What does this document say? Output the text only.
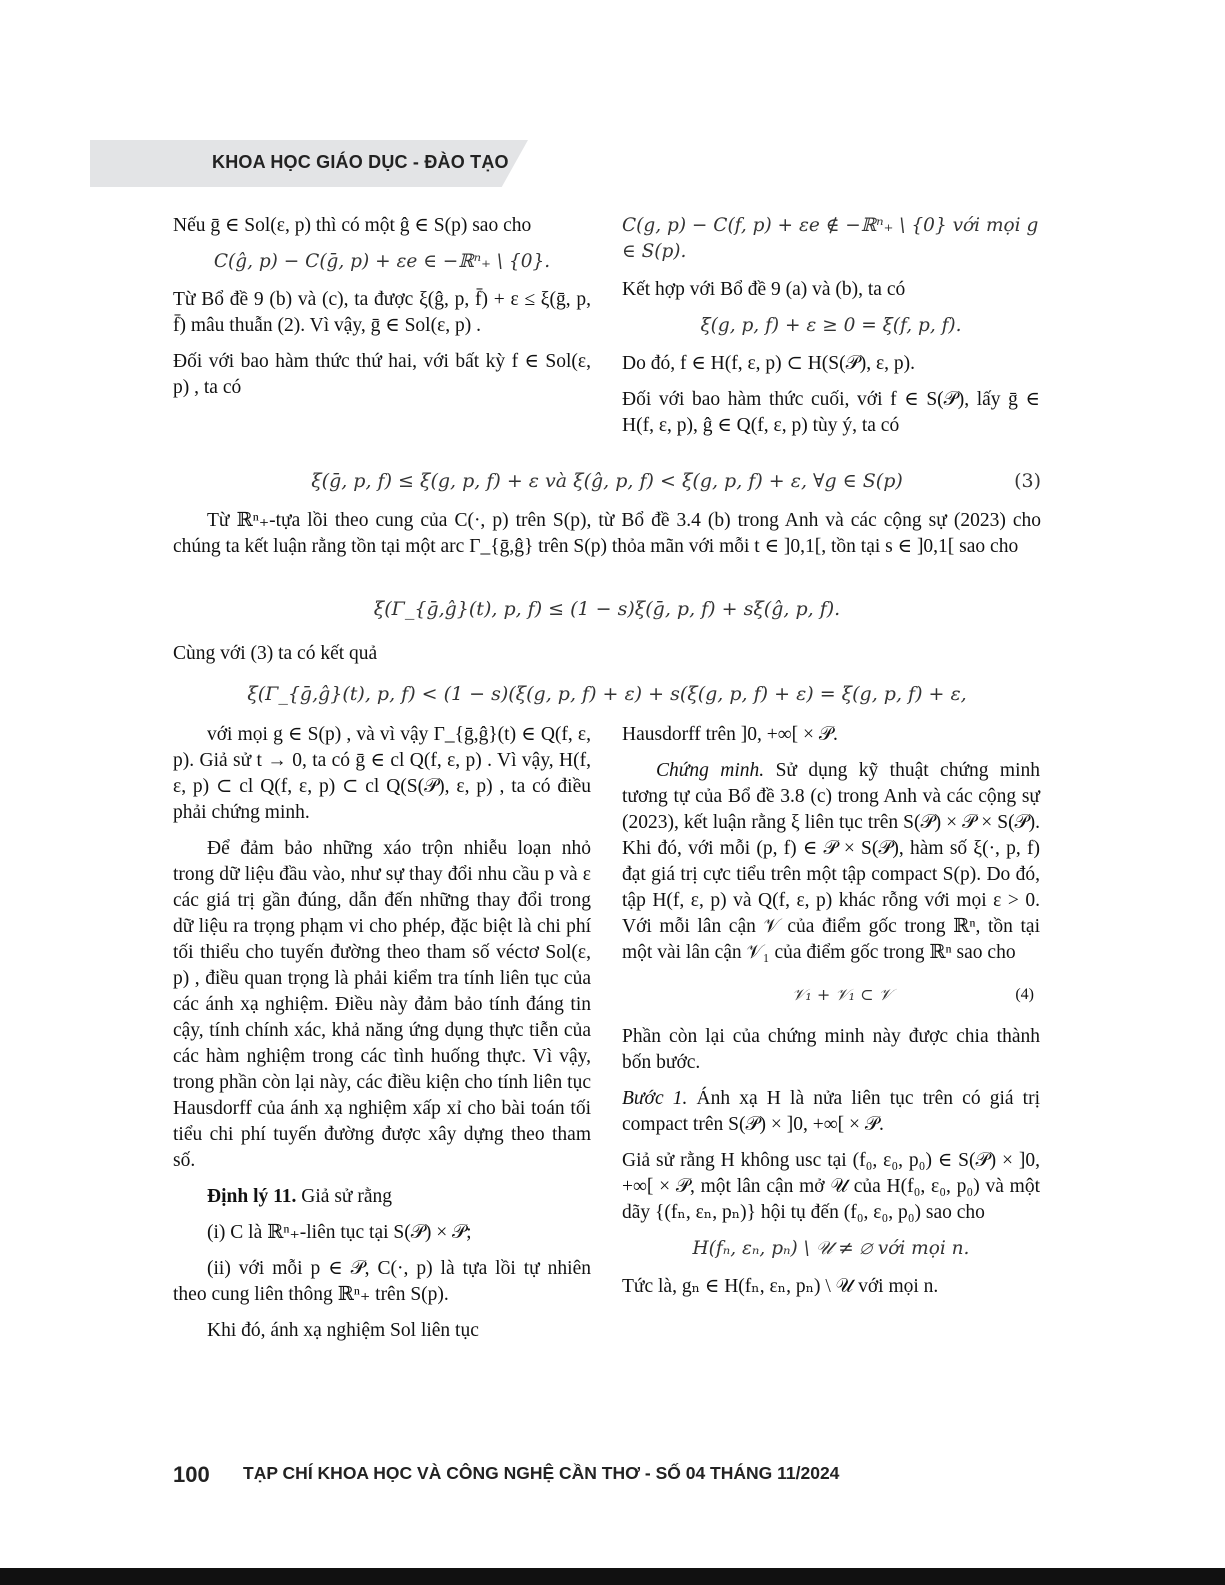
KHOA HỌC GIÁO DỤC - ĐÀO TẠO

Nếu ḡ ∈ Sol(ε, p) thì có một ĝ ∈ S(p) sao cho

C(ĝ, p) − C(ḡ, p) + εe ∈ −ℝⁿ₊ \ {0}.

Từ Bổ đề 9 (b) và (c), ta được ξ(ĝ, p, f̄) + ε ≤ ξ(ḡ, p, f̄) mâu thuẫn (2). Vì vậy, ḡ ∈ Sol(ε, p) .

Đối với bao hàm thức thứ hai, với bất kỳ f ∈ Sol(ε, p) , ta có

C(g, p) − C(f, p) + εe ∉ −ℝⁿ₊ \ {0} với mọi g ∈ S(p).

Kết hợp với Bổ đề 9 (a) và (b), ta có

ξ(g, p, f) + ε ≥ 0 = ξ(f, p, f).

Do đó, f ∈ H(f, ε, p) ⊂ H(S(𝒫), ε, p).

Đối với bao hàm thức cuối, với f ∈ S(𝒫), lấy ḡ ∈ H(f, ε, p), ĝ ∈ Q(f, ε, p) tùy ý, ta có

ξ(ḡ, p, f) ≤ ξ(g, p, f) + ε và ξ(ĝ, p, f) < ξ(g, p, f) + ε, ∀g ∈ S(p)	(3)
Từ ℝⁿ₊-tựa lồi theo cung của C(·, p) trên S(p), từ Bổ đề 3.4 (b) trong Anh và các cộng sự (2023) cho chúng ta kết luận rằng tồn tại một arc Γ_{ḡ,ĝ} trên S(p) thỏa mãn với mỗi t ∈ ]0,1[, tồn tại s ∈ ]0,1[ sao cho
ξ(Γ_{ḡ,ĝ}(t), p, f) ≤ (1 − s)ξ(ḡ, p, f) + sξ(ĝ, p, f).
Cùng với (3) ta có kết quả
ξ(Γ_{ḡ,ĝ}(t), p, f) < (1 − s)(ξ(g, p, f) + ε) + s(ξ(g, p, f) + ε) = ξ(g, p, f) + ε,

với mọi g ∈ S(p) , và vì vậy Γ_{ḡ,ĝ}(t) ∈ Q(f, ε, p). Giả sử t → 0, ta có ḡ ∈ cl Q(f, ε, p) . Vì vậy, H(f, ε, p) ⊂ cl Q(f, ε, p) ⊂ cl Q(S(𝒫), ε, p) , ta có điều phải chứng minh.

Để đảm bảo những xáo trộn nhiễu loạn nhỏ trong dữ liệu đầu vào, như sự thay đổi nhu cầu p và ε các giá trị gần đúng, dẫn đến những thay đổi trong dữ liệu ra trọng phạm vi cho phép, đặc biệt là chi phí tối thiểu cho tuyến đường theo tham số véctơ Sol(ε, p) , điều quan trọng là phải kiểm tra tính liên tục của các ánh xạ nghiệm. Điều này đảm bảo tính đáng tin cậy, tính chính xác, khả năng ứng dụng thực tiễn của các hàm nghiệm trong các tình huống thực. Vì vậy, trong phần còn lại này, các điều kiện cho tính liên tục Hausdorff của ánh xạ nghiệm xấp xỉ cho bài toán tối tiểu chi phí tuyến đường được xây dựng theo tham số.

Định lý 11. Giả sử rằng

(i) C là ℝⁿ₊-liên tục tại S(𝒫) × 𝒫;

(ii) với mỗi p ∈ 𝒫, C(·, p) là tựa lồi tự nhiên theo cung liên thông ℝⁿ₊ trên S(p).

Khi đó, ánh xạ nghiệm Sol liên tục

Hausdorff trên ]0, +∞[ × 𝒫.

Chứng minh. Sử dụng kỹ thuật chứng minh tương tự của Bổ đề 3.8 (c) trong Anh và các cộng sự (2023), kết luận rằng ξ liên tục trên S(𝒫) × 𝒫 × S(𝒫). Khi đó, với mỗi (p, f) ∈ 𝒫 × S(𝒫), hàm số ξ(·, p, f) đạt giá trị cực tiểu trên một tập compact S(p). Do đó, tập H(f, ε, p) và Q(f, ε, p) khác rỗng với mọi ε > 0. Với mỗi lân cận 𝒱 của điểm gốc trong ℝⁿ, tồn tại một vài lân cận 𝒱₁ của điểm gốc trong ℝⁿ sao cho

𝒱₁ + 𝒱₁ ⊂ 𝒱	(4)

Phần còn lại của chứng minh này được chia thành bốn bước.

Bước 1. Ánh xạ H là nửa liên tục trên có giá trị compact trên S(𝒫) × ]0, +∞[ × 𝒫.

Giả sử rằng H không usc tại (f₀, ε₀, p₀) ∈ S(𝒫) × ]0, +∞[ × 𝒫, một lân cận mở 𝒰 của H(f₀, ε₀, p₀) và một dãy {(fₙ, εₙ, pₙ)} hội tụ đến (f₀, ε₀, p₀) sao cho

H(fₙ, εₙ, pₙ) \ 𝒰 ≠ ∅ với mọi n.

Tức là, gₙ ∈ H(fₙ, εₙ, pₙ) \ 𝒰 với mọi n.

100 TẠP CHÍ KHOA HỌC VÀ CÔNG NGHỆ CẦN THƠ - SỐ 04 THÁNG 11/2024
